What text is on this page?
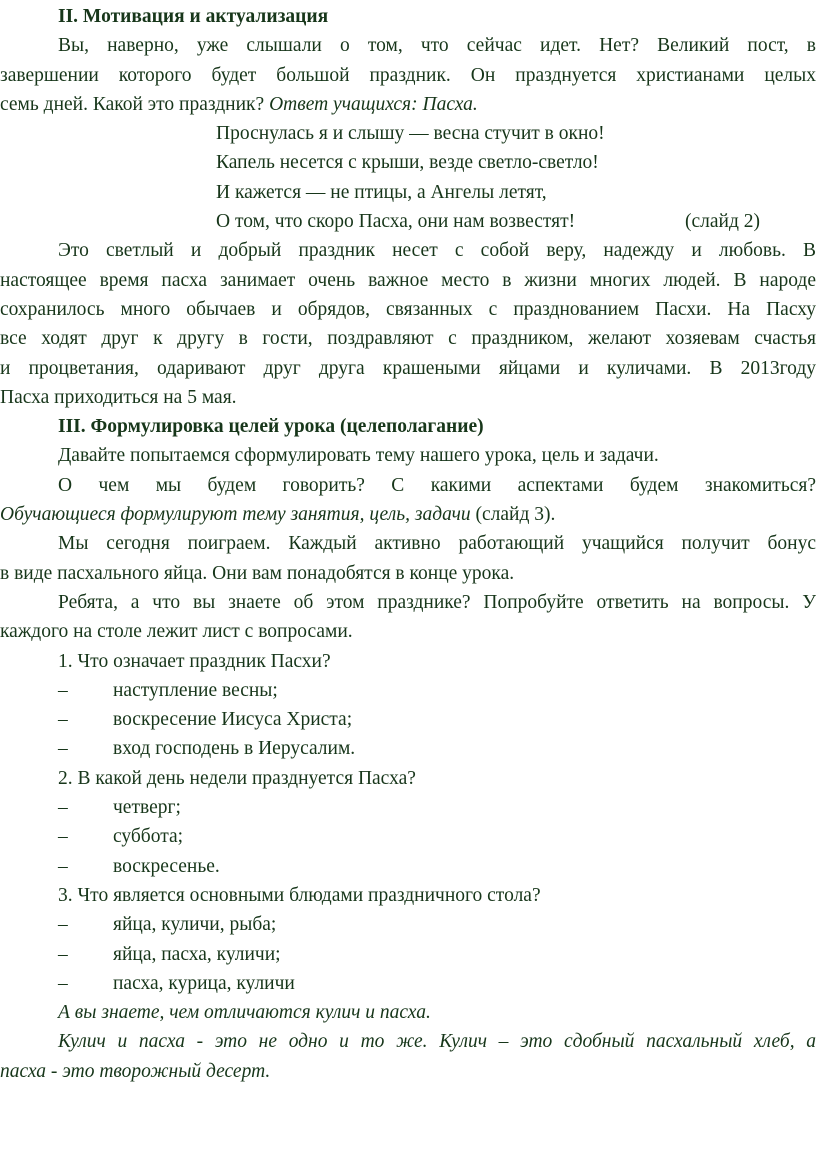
II. Мотивация и актуализация
Вы, наверно, уже слышали о том, что сейчас идет. Нет? Великий пост, в
завершении которого будет большой праздник. Он празднуется христианами целых
семь дней. Какой это праздник? Ответ учащихся: Пасха.
Проснулась я и слышу — весна стучит в окно!
Капель несется с крыши, везде светло-светло!
И кажется — не птицы, а Ангелы летят,
О том, что скоро Пасха, они нам возвестят!	(слайд 2)
Это светлый и добрый праздник несет с собой веру, надежду и любовь. В
настоящее время пасха занимает очень важное место в жизни многих людей. В народе
сохранилось много обычаев и обрядов, связанных с празднованием Пасхи. На Пасху
все ходят друг к другу в гости, поздравляют с праздником, желают хозяевам счастья
и процветания, одаривают друг друга крашеными яйцами и куличами. В 2013году
Пасха приходиться на 5 мая.
III. Формулировка целей урока (целеполагание)
Давайте попытаемся сформулировать тему нашего урока, цель и задачи.
О чем мы будем говорить? С какими аспектами будем знакомиться?
Обучающиеся формулируют тему занятия, цель, задачи (слайд 3).
Мы сегодня поиграем. Каждый активно работающий учащийся получит бонус
в виде пасхального яйца. Они вам понадобятся в конце урока.
Ребята, а что вы знаете об этом празднике? Попробуйте ответить на вопросы. У
каждого на столе лежит лист с вопросами.
1. Что означает праздник Пасхи?
– наступление весны;
– воскресение Иисуса Христа;
– вход господень в Иерусалим.
2. В какой день недели празднуется Пасха?
– четверг;
– суббота;
– воскресенье.
3. Что является основными блюдами праздничного стола?
– яйца, куличи, рыба;
– яйца, пасха, куличи;
– пасха, курица, куличи
А вы знаете, чем отличаются кулич и пасха.
Кулич и пасха - это не одно и то же. Кулич – это сдобный пасхальный хлеб, а
пасха - это творожный десерт.
